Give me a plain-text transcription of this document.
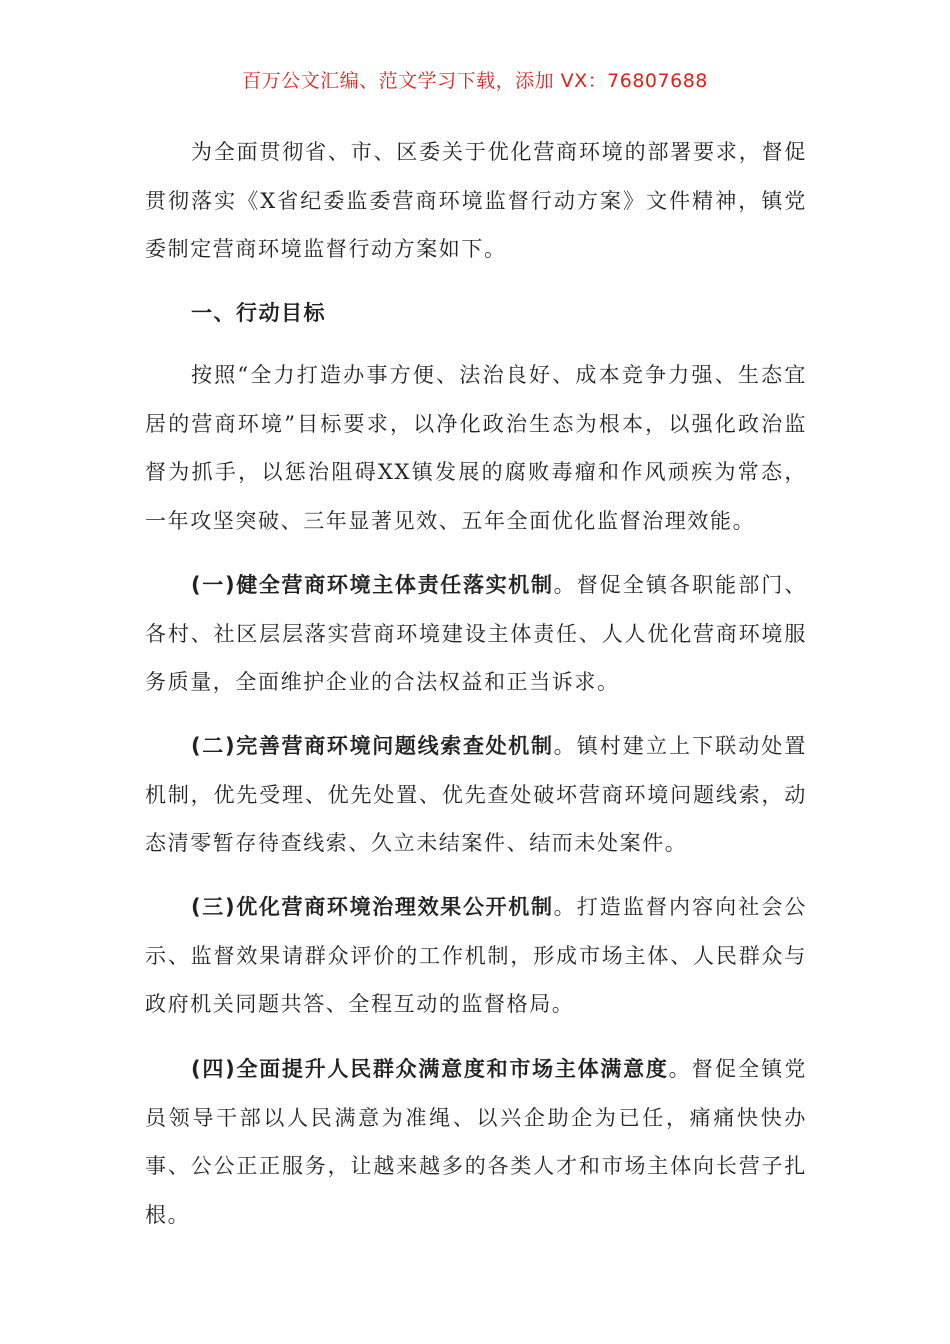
百万公文汇编、范文学习下载，添加 VX：76807688

为全面贯彻省、市、区委关于优化营商环境的部署要求，督促贯彻落实《X省纪委监委营商环境监督行动方案》文件精神，镇党委制定营商环境监督行动方案如下。

一、行动目标

按照“全力打造办事方便、法治良好、成本竞争力强、生态宜居的营商环境”目标要求，以净化政治生态为根本，以强化政治监督为抓手，以惩治阻碍XX镇发展的腐败毒瘤和作风顽疾为常态，一年攻坚突破、三年显著见效、五年全面优化监督治理效能。

(一)健全营商环境主体责任落实机制。督促全镇各职能部门、各村、社区层层落实营商环境建设主体责任、人人优化营商环境服务质量，全面维护企业的合法权益和正当诉求。

(二)完善营商环境问题线索查处机制。镇村建立上下联动处置机制，优先受理、优先处置、优先查处破坏营商环境问题线索，动态清零暂存待查线索、久立未结案件、结而未处案件。

(三)优化营商环境治理效果公开机制。打造监督内容向社会公示、监督效果请群众评价的工作机制，形成市场主体、人民群众与政府机关同题共答、全程互动的监督格局。

(四)全面提升人民群众满意度和市场主体满意度。督促全镇党员领导干部以人民满意为准绳、以兴企助企为已任，痛痛快快办事、公公正正服务，让越来越多的各类人才和市场主体向长营子扎根。
